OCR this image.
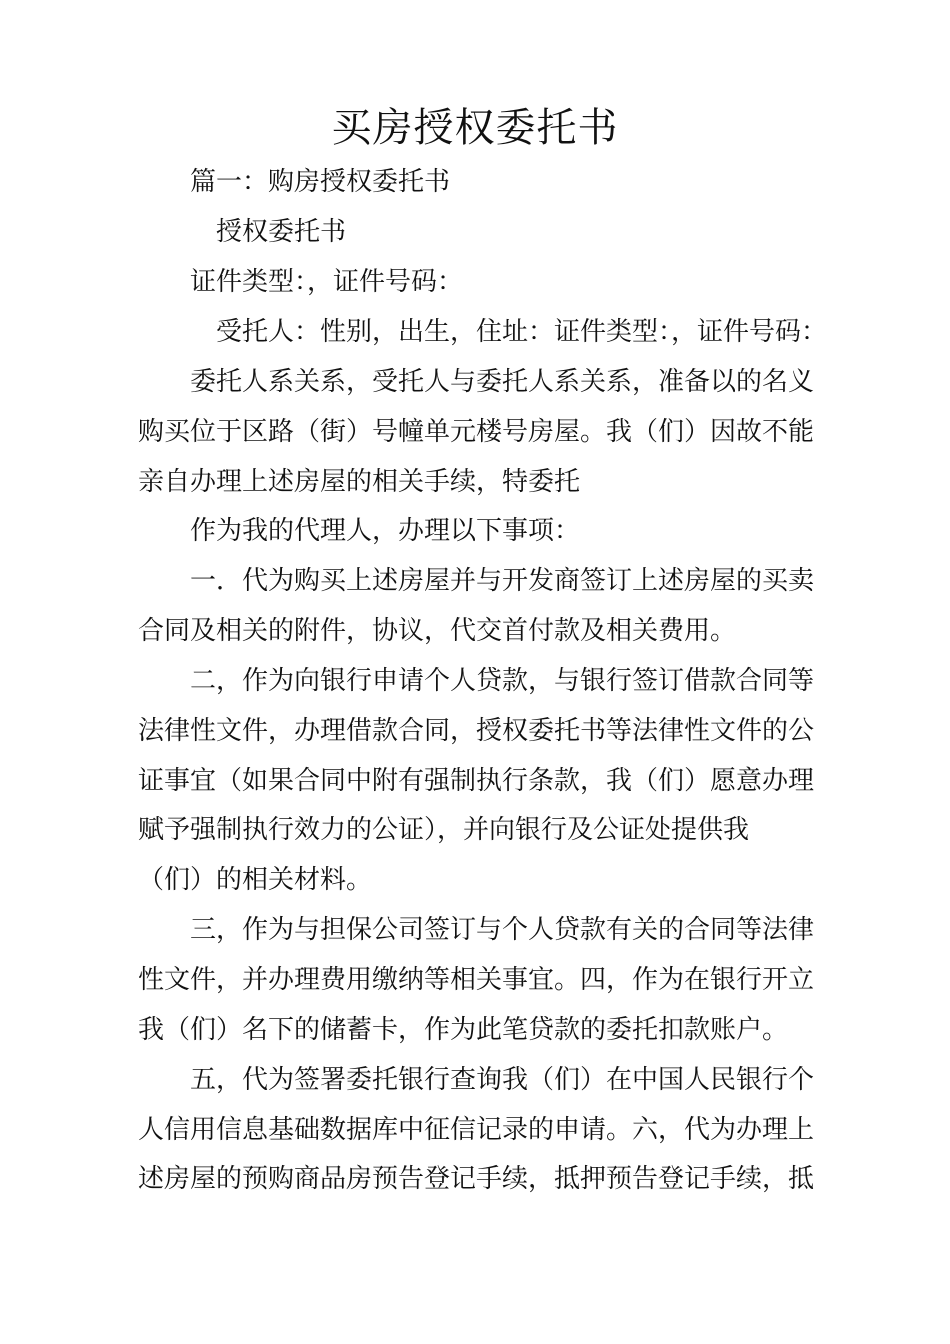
买房授权委托书
篇一：购房授权委托书
授权委托书
证件类型：，证件号码：
受托人：性别，出生，住址：证件类型：，证件号码：
委托人系关系，受托人与委托人系关系，准备以的名义
购买位于区路（街）号幢单元楼号房屋。我（们）因故不能
亲自办理上述房屋的相关手续，特委托
作为我的代理人，办理以下事项：
一．代为购买上述房屋并与开发商签订上述房屋的买卖
合同及相关的附件，协议，代交首付款及相关费用。
二，作为向银行申请个人贷款，与银行签订借款合同等
法律性文件，办理借款合同，授权委托书等法律性文件的公
证事宜（如果合同中附有强制执行条款，我（们）愿意办理
赋予强制执行效力的公证），并向银行及公证处提供我
（们）的相关材料。
三，作为与担保公司签订与个人贷款有关的合同等法律
性文件，并办理费用缴纳等相关事宜。四，作为在银行开立
我（们）名下的储蓄卡，作为此笔贷款的委托扣款账户。
五，代为签署委托银行查询我（们）在中国人民银行个
人信用信息基础数据库中征信记录的申请。六，代为办理上
述房屋的预购商品房预告登记手续，抵押预告登记手续，抵
